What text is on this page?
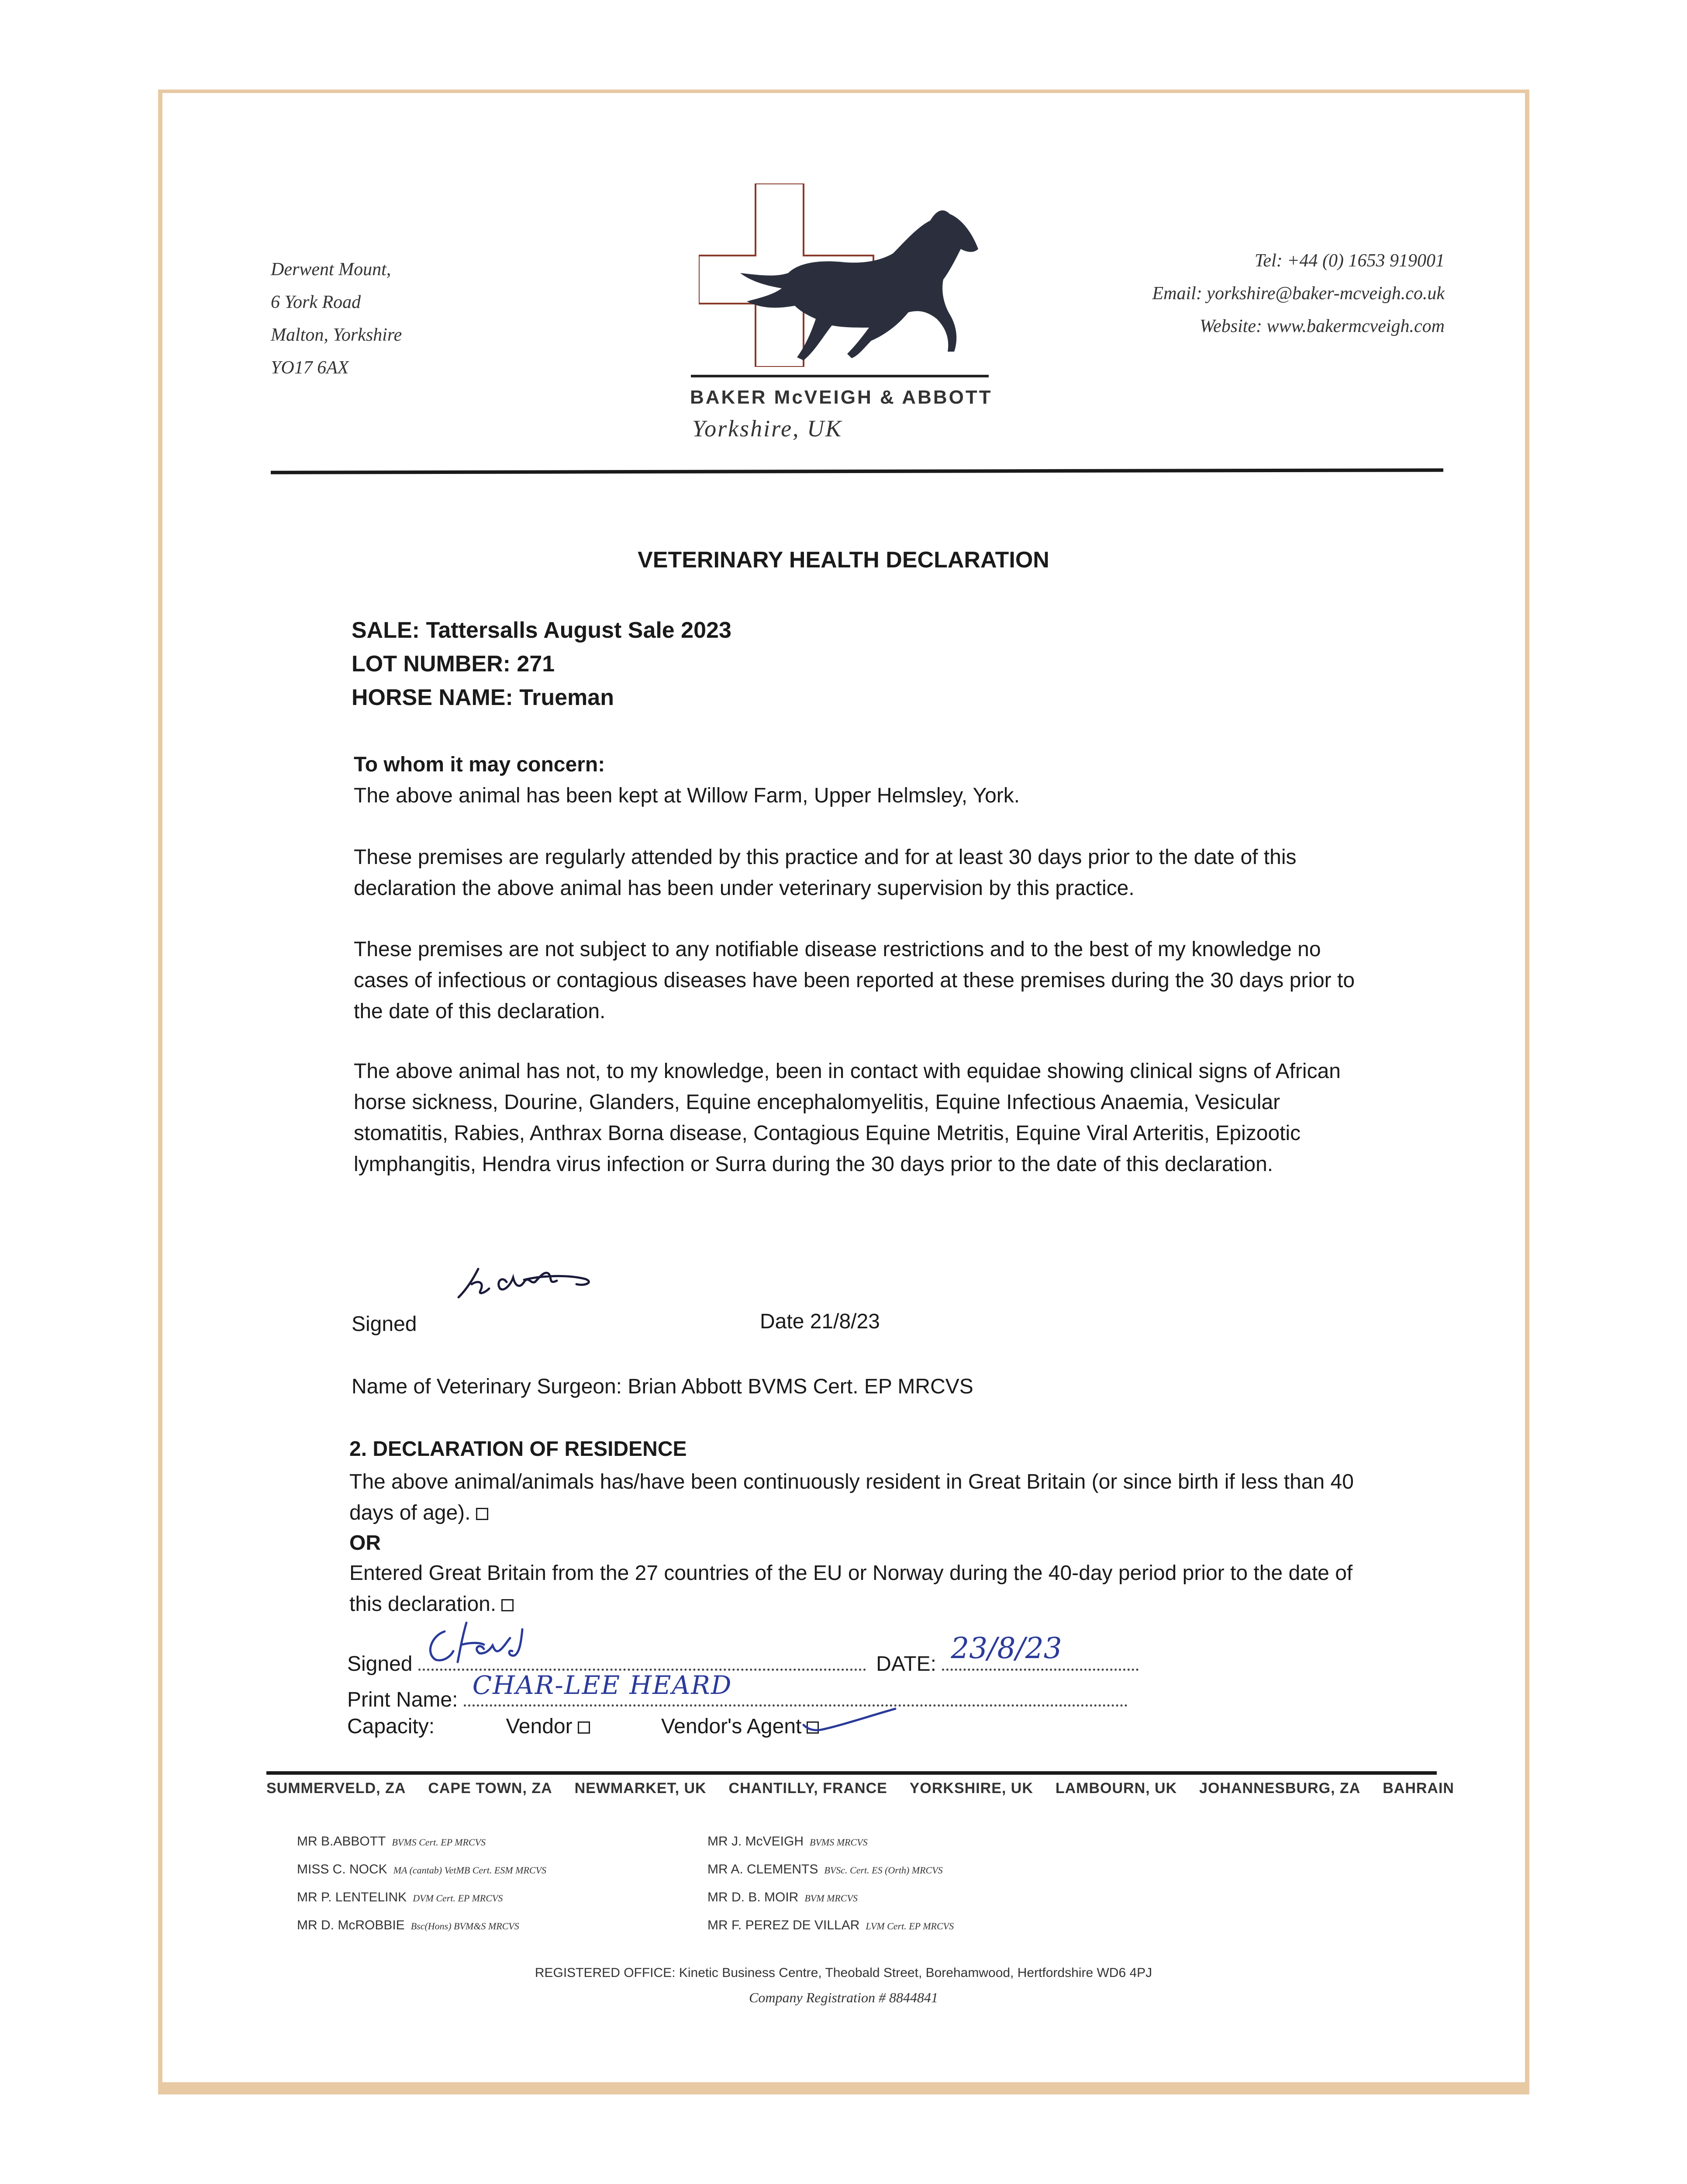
Derwent Mount,
6 York Road
Malton, Yorkshire
YO17 6AX
BAKER McVEIGH & ABBOTT
Yorkshire, UK
Tel: +44 (0) 1653 919001
Email: yorkshire@baker-mcveigh.co.uk
Website: www.bakermcveigh.com
VETERINARY HEALTH DECLARATION
SALE: Tattersalls August Sale 2023
LOT NUMBER: 271
HORSE NAME: Trueman
To whom it may concern:
The above animal has been kept at Willow Farm, Upper Helmsley, York.
These premises are regularly attended by this practice and for at least 30 days prior to the date of this declaration the above animal has been under veterinary supervision by this practice.
These premises are not subject to any notifiable disease restrictions and to the best of my knowledge no cases of infectious or contagious diseases have been reported at these premises during the 30 days prior to the date of this declaration.
The above animal has not, to my knowledge, been in contact with equidae showing clinical signs of African horse sickness, Dourine, Glanders, Equine encephalomyelitis, Equine Infectious Anaemia, Vesicular stomatitis, Rabies, Anthrax Borna disease, Contagious Equine Metritis, Equine Viral Arteritis, Epizootic lymphangitis, Hendra virus infection or Surra during the 30 days prior to the date of this declaration.
Signed	Date 21/8/23
Name of Veterinary Surgeon: Brian Abbott BVMS Cert. EP MRCVS
2. DECLARATION OF RESIDENCE
The above animal/animals has/have been continuously resident in Great Britain (or since birth if less than 40 days of age).
OR
Entered Great Britain from the 27 countries of the EU or Norway during the 40-day period prior to the date of this declaration.
Signed	DATE: 23/8/23
Print Name: CHAR-LEE HEARD
Capacity:	Vendor	Vendor's Agent
SUMMERVELD, ZA CAPE TOWN, ZA NEWMARKET, UK CHANTILLY, FRANCE YORKSHIRE, UK LAMBOURN, UK JOHANNESBURG, ZA BAHRAIN
MR B.ABBOTT BVMS Cert. EP MRCVS
MISS C. NOCK MA (cantab) VetMB Cert. ESM MRCVS
MR P. LENTELINK DVM Cert. EP MRCVS
MR D. McROBBIE Bsc(Hons) BVM&S MRCVS
MR J. McVEIGH BVMS MRCVS
MR A. CLEMENTS BVSc. Cert. ES (Orth) MRCVS
MR D. B. MOIR BVM MRCVS
MR F. PEREZ DE VILLAR LVM Cert. EP MRCVS
REGISTERED OFFICE: Kinetic Business Centre, Theobald Street, Borehamwood, Hertfordshire WD6 4PJ
Company Registration # 8844841
